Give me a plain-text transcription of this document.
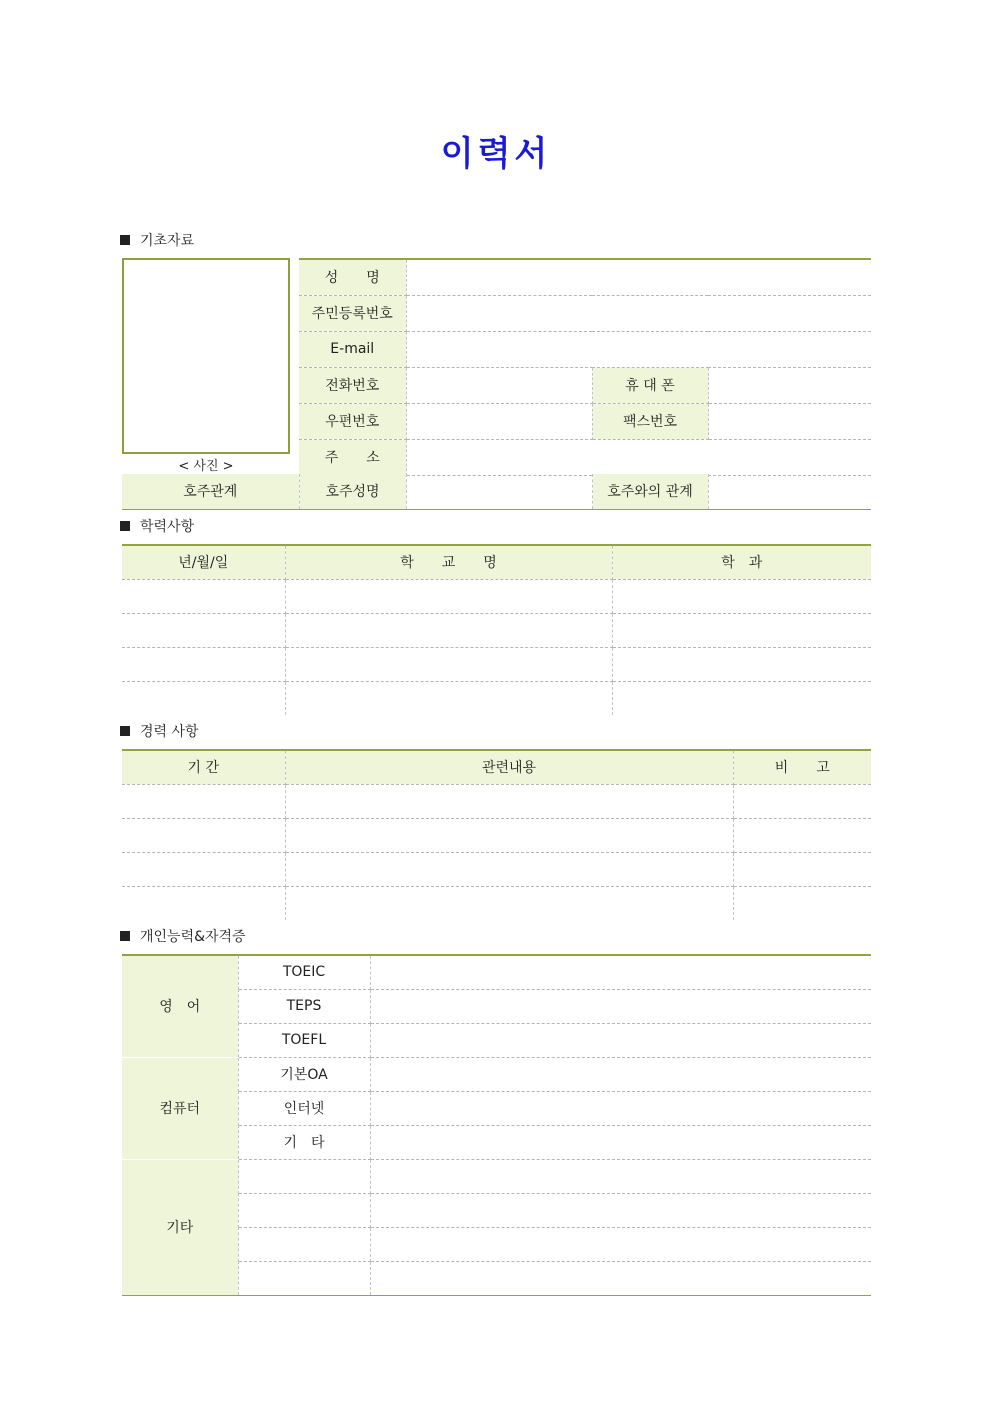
이력서
기초자료
< 사진 >
성　　명			
주민등록번호			
E-mail			
전화번호		휴 대 폰	
우편번호		팩스번호	
주　　소			
호주관계	호주성명		호주와의 관계	
학력사항
년/월/일	학　　교　　명	학　과

경력 사항
기 간	관련내용	비　　고

개인능력&자격증
영　어	TOEIC	
	TEPS	
	TOEFL	
컴퓨터	기본OA	
	인터넷	
	기　타	
기타		
